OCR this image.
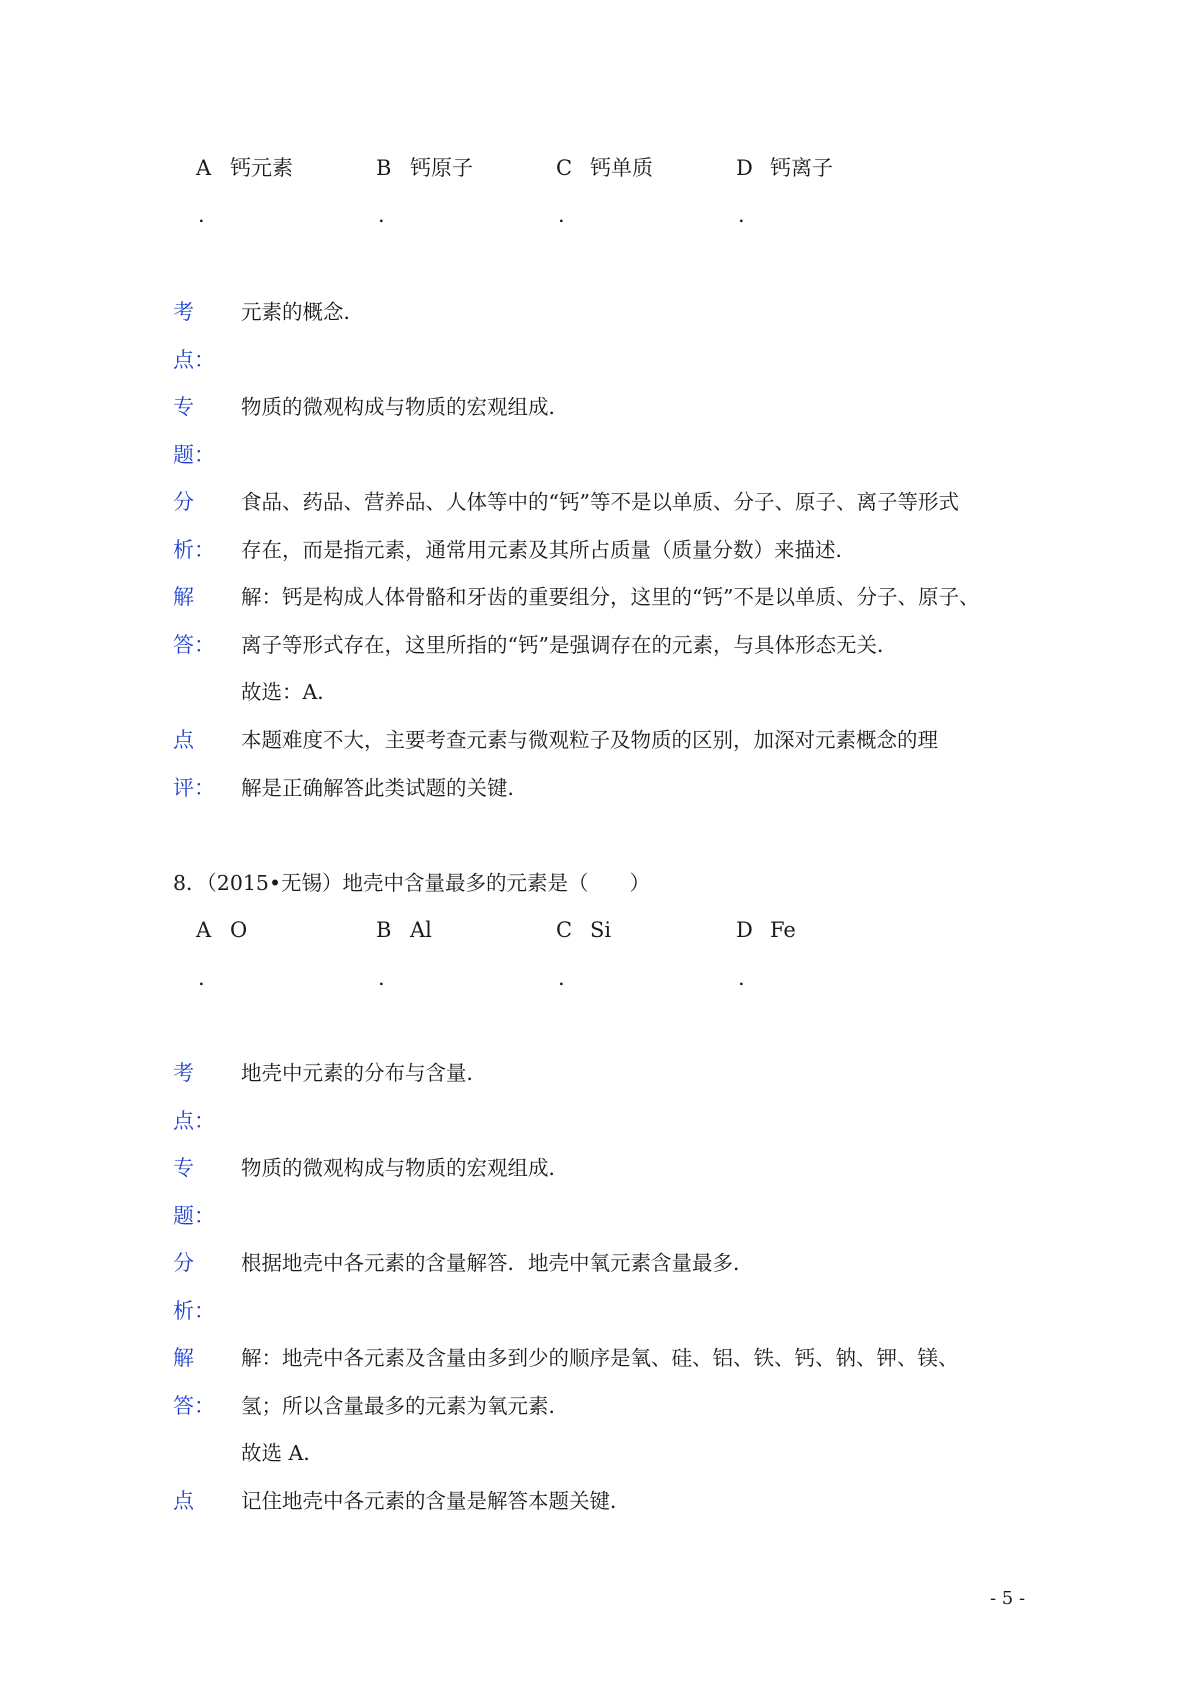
A 钙元素
.
B 钙原子
.
C 钙单质
.
D 钙离子
.
考
点：
元素的概念．
专
题：
物质的微观构成与物质的宏观组成．
分
析：
食品、药品、营养品、人体等中的“钙”等不是以单质、分子、原子、离子等形式
存在，而是指元素，通常用元素及其所占质量（质量分数）来描述．
解
答：
解：钙是构成人体骨骼和牙齿的重要组分，这里的“钙”不是以单质、分子、原子、
离子等形式存在，这里所指的“钙”是强调存在的元素，与具体形态无关．
故选：A．
点
评：
本题难度不大，主要考查元素与微观粒子及物质的区别，加深对元素概念的理
解是正确解答此类试题的关键．
8．（2015•无锡）地壳中含量最多的元素是（　　）
A O
.
B Al
.
C Si
.
D Fe
.
考
点：
地壳中元素的分布与含量．
专
题：
物质的微观构成与物质的宏观组成．
分
析：
根据地壳中各元素的含量解答．地壳中氧元素含量最多．
解
答：
解：地壳中各元素及含量由多到少的顺序是氧、硅、铝、铁、钙、钠、钾、镁、
氢；所以含量最多的元素为氧元素．
故选 A．
点 记住地壳中各元素的含量是解答本题关键．
- 5 -
